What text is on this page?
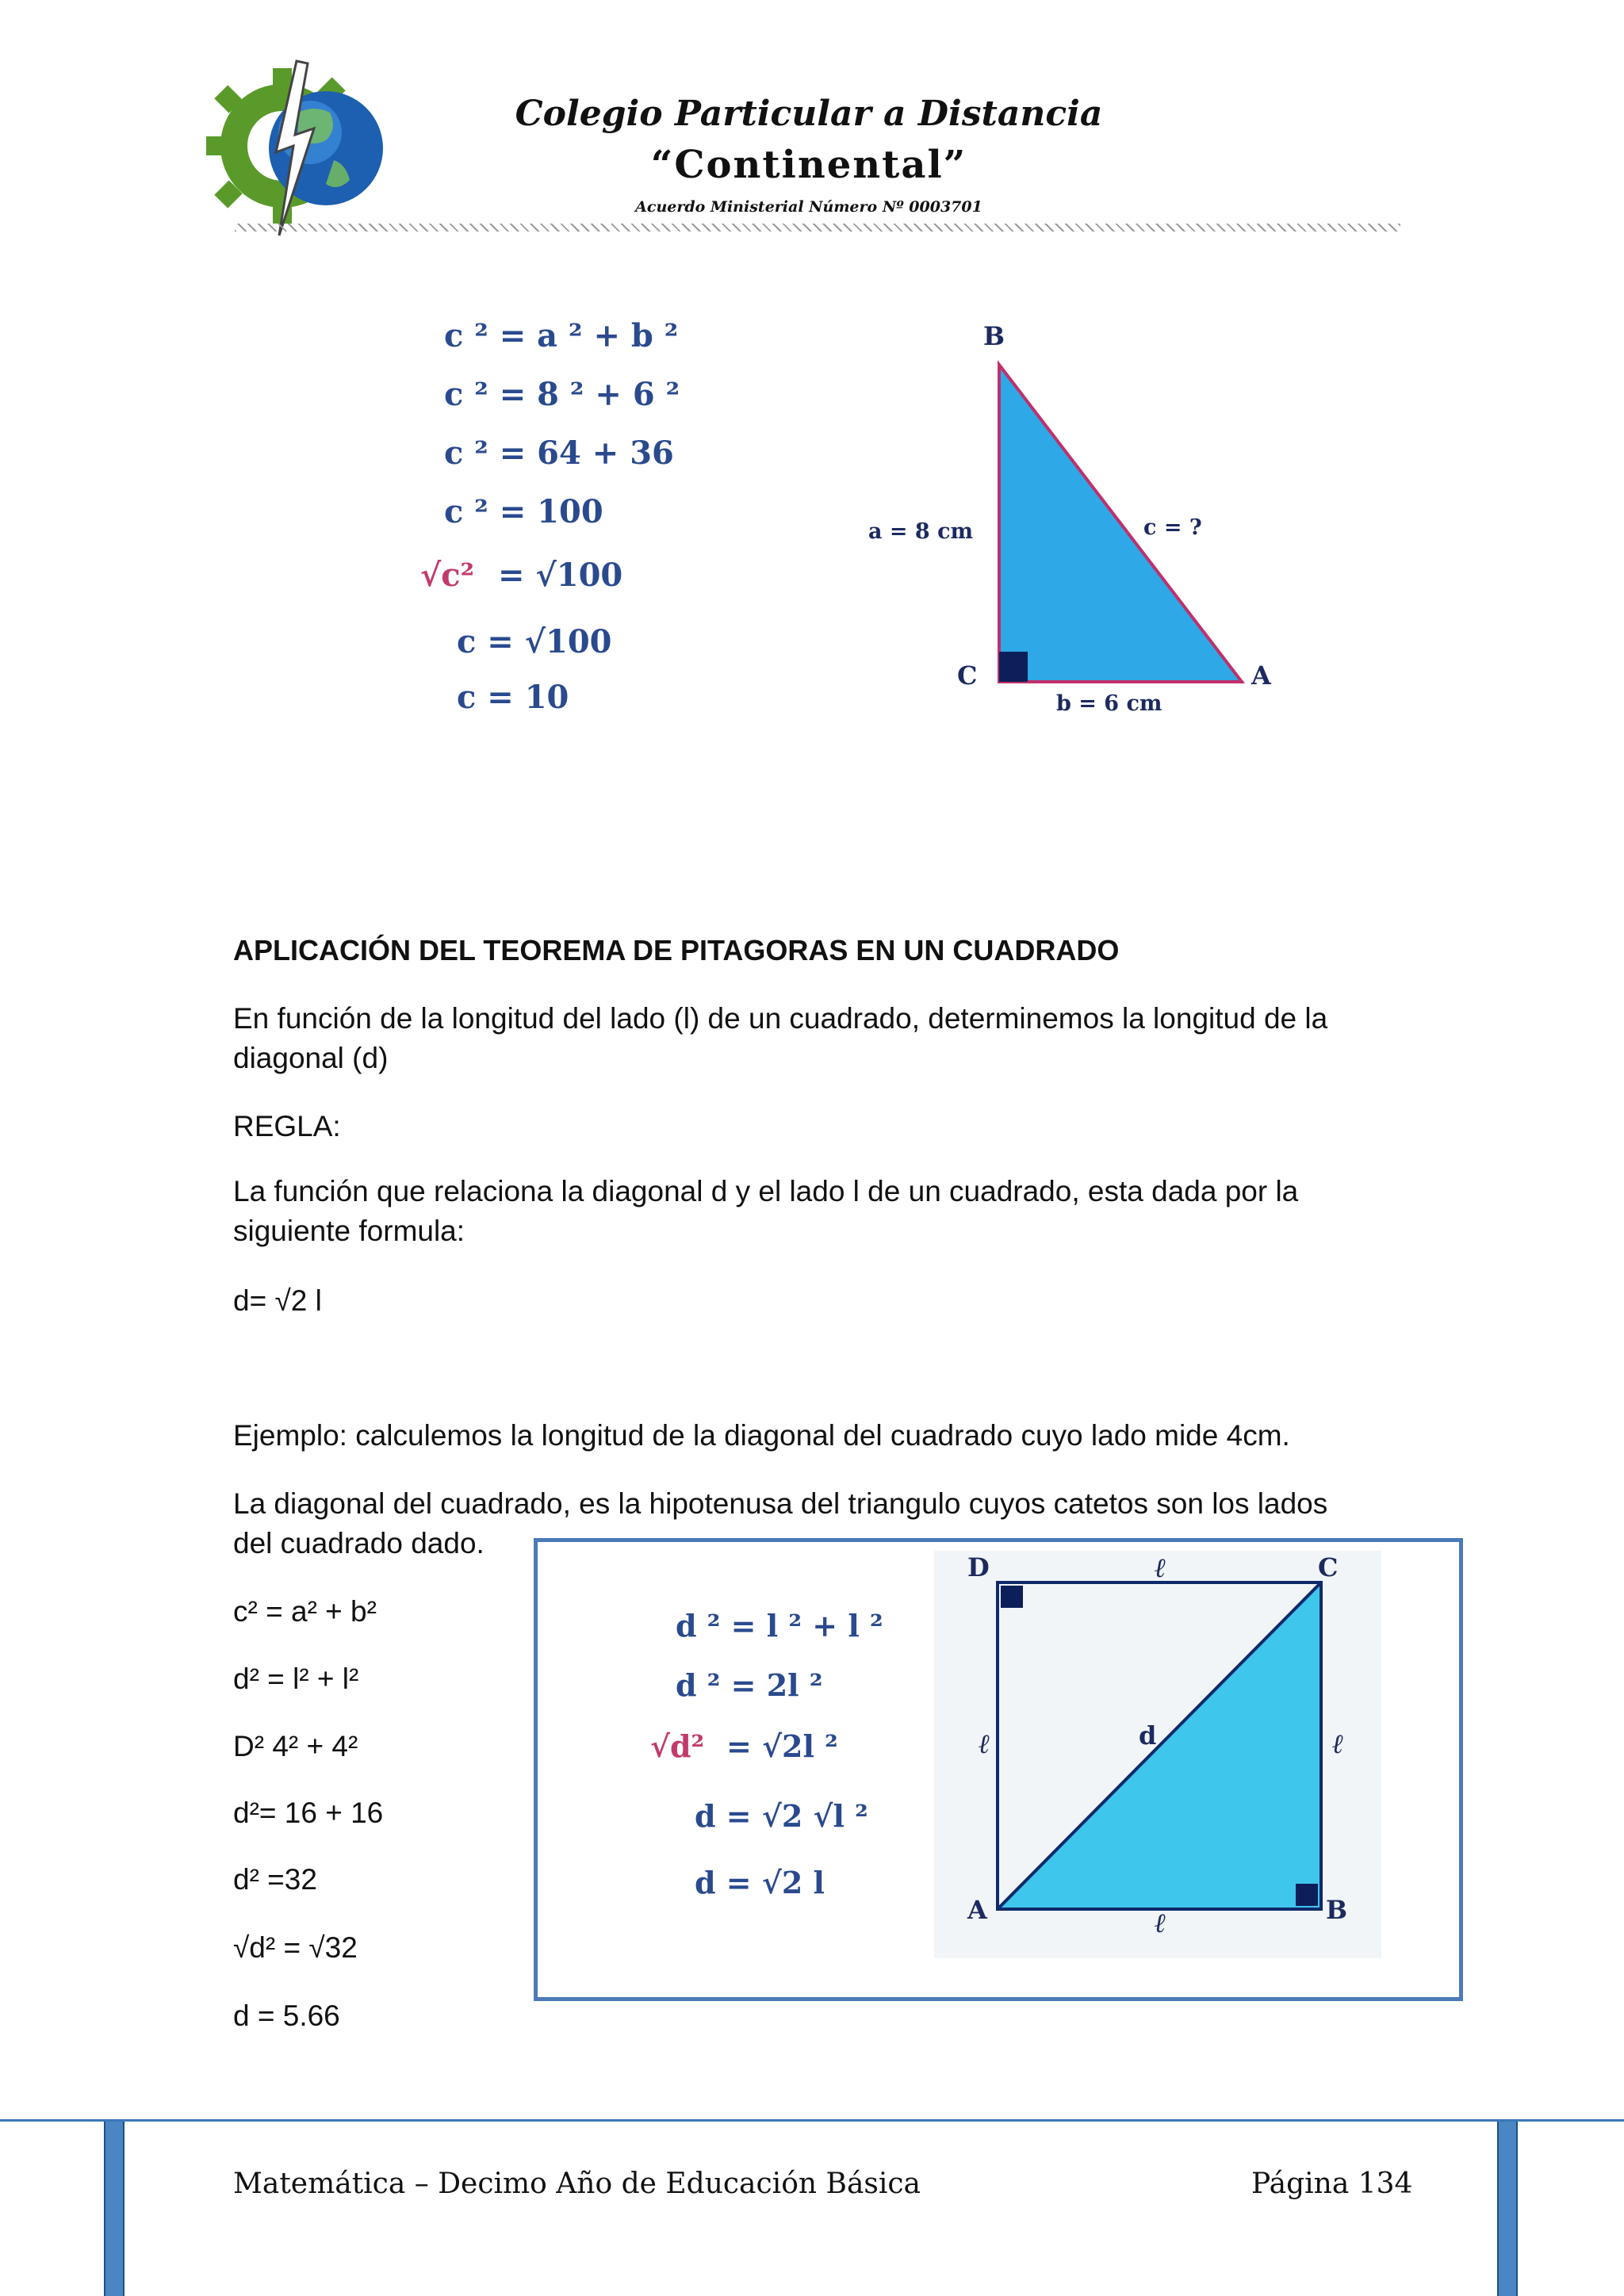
Colegio Particular a Distancia
“Continental”
Acuerdo Ministerial Número Nº 0003701
c ² = a ² + b ²
c ² = 8 ² + 6 ²
c ² = 64 + 36
c ² = 100
√c² = √100
c = √100
c = 10
B
C	A
a = 8 cm
b = 6 cm
c = ?
APLICACIÓN DEL TEOREMA DE PITAGORAS EN UN CUADRADO
En función de la longitud del lado (l) de un cuadrado, determinemos la longitud de la
diagonal (d)
REGLA:
La función que relaciona la diagonal d y el lado l de un cuadrado, esta dada por la
siguiente formula:
d= √2 l
Ejemplo: calculemos la longitud de la diagonal del cuadrado cuyo lado mide 4cm.
La diagonal del cuadrado, es la hipotenusa del triangulo cuyos catetos son los lados
del cuadrado dado.
c² = a² + b²
d² = l² + l²
D² 4² + 4²
d²= 16 + 16
d² =32
√d² = √32
d = 5.66
d ² = l ² + l ²
d ² = 2l ²
√d² = √2l ²
d = √2 √l ²
d = √2 l
D	C
A	B
ℓ
ℓ	ℓ
ℓ
d
Matemática – Decimo Año de Educación Básica	Página 134
